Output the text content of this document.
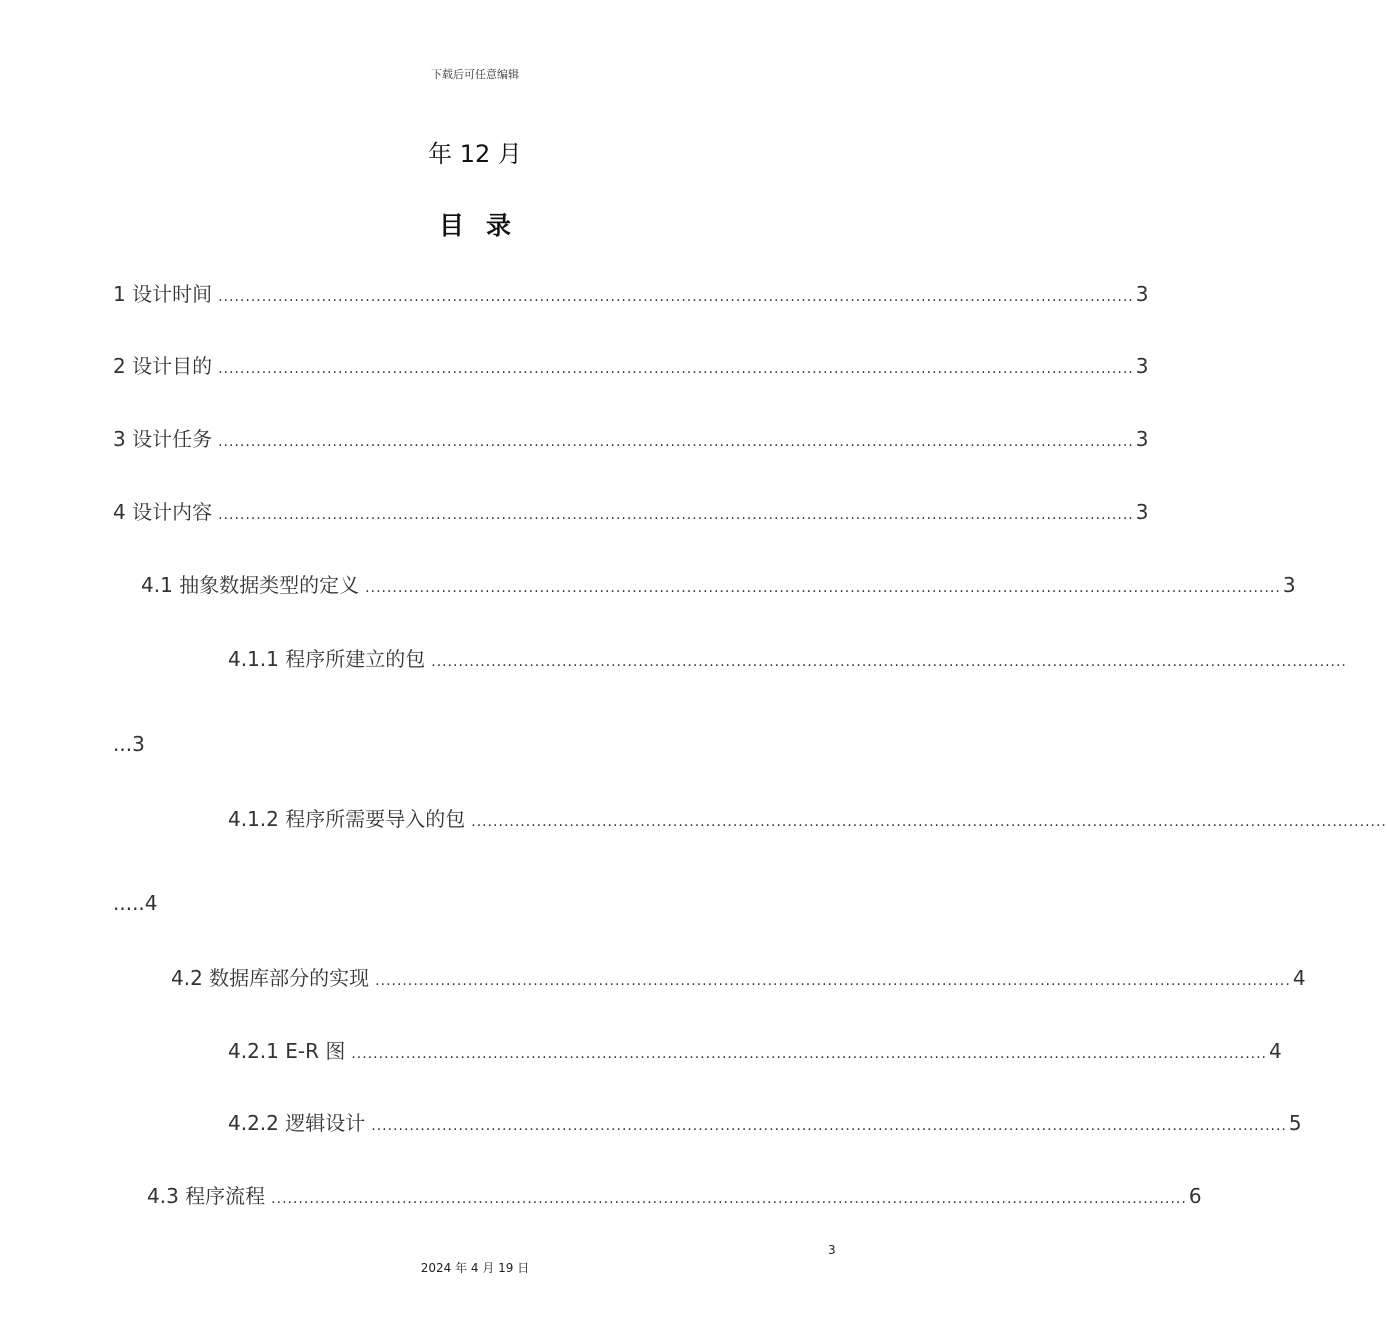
下载后可任意编辑
年 12 月
目录
1 设计时间 ........................................................................................................................................................................ 3
2 设计目的 ........................................................................................................................................................................ 3
3 设计任务 ........................................................................................................................................................................ 3
4 设计内容 ........................................................................................................................................................................ 3
4.1 抽象数据类型的定义 ........................................................................................................................................................................ 3
4.1.1 程序所建立的包 ........................................................................................................................................................................
...3
4.1.2 程序所需要导入的包 ........................................................................................................................................................................
.....4
4.2 数据库部分的实现 ........................................................................................................................................................................ 4
4.2.1 E-R 图 ........................................................................................................................................................................ 4
4.2.2 逻辑设计 ........................................................................................................................................................................ 5
4.3 程序流程 ........................................................................................................................................................................ 6
3
2024 年 4 月 19 日
